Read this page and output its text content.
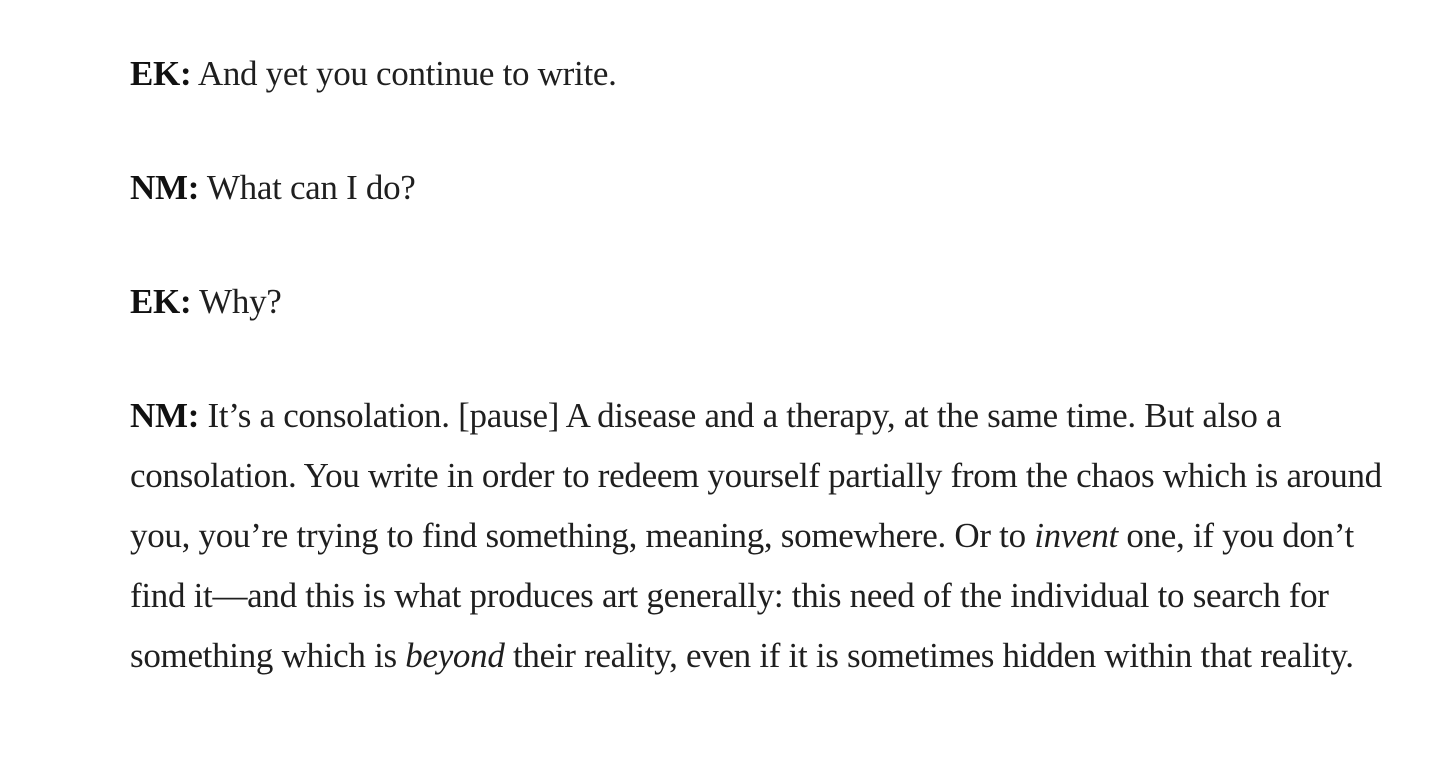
EK: And yet you continue to write.

NM: What can I do?

EK: Why?

NM: It’s a consolation. [pause] A disease and a therapy, at the same time. But also a consolation. You write in order to redeem yourself partially from the chaos which is around you, you’re trying to find something, meaning, somewhere. Or to invent one, if you don’t find it—and this is what produces art generally: this need of the individual to search for something which is beyond their reality, even if it is sometimes hidden within that reality.
